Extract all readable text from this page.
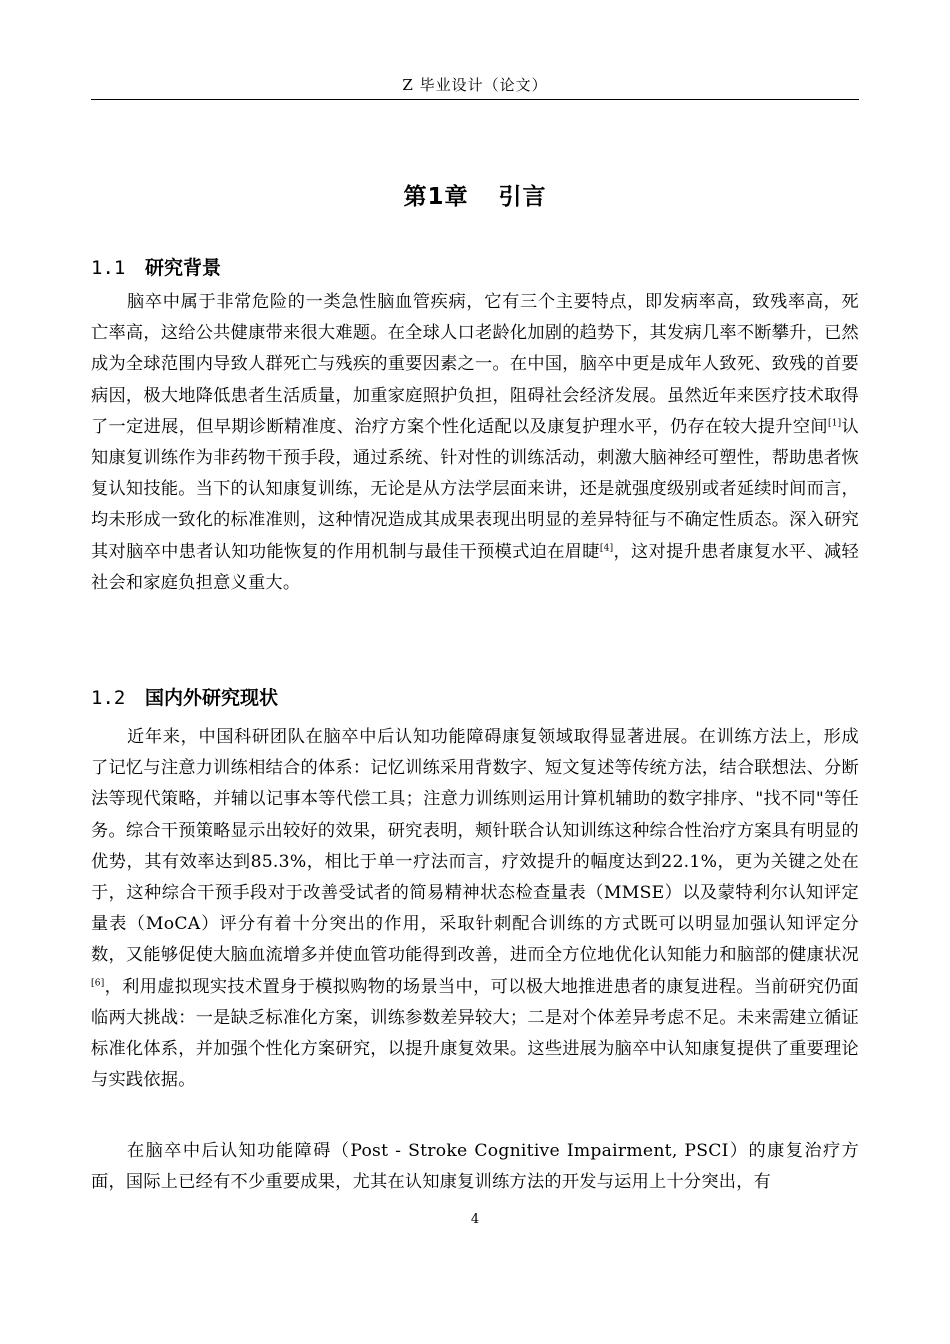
Z 毕业设计（论文）
第1章 引言
1.1 研究背景

脑卒中属于非常危险的一类急性脑血管疾病，它有三个主要特点，即发病率高，致残率高，死亡率高，这给公共健康带来很大难题。在全球人口老龄化加剧的趋势下，其发病几率不断攀升，已然成为全球范围内导致人群死亡与残疾的重要因素之一。在中国，脑卒中更是成年人致死、致残的首要病因，极大地降低患者生活质量，加重家庭照护负担，阻碍社会经济发展。虽然近年来医疗技术取得了一定进展，但早期诊断精准度、治疗方案个性化适配以及康复护理水平，仍存在较大提升空间[1]认知康复训练作为非药物干预手段，通过系统、针对性的训练活动，刺激大脑神经可塑性，帮助患者恢复认知技能。当下的认知康复训练，无论是从方法学层面来讲，还是就强度级别或者延续时间而言，均未形成一致化的标准准则，这种情况造成其成果表现出明显的差异特征与不确定性质态。深入研究其对脑卒中患者认知功能恢复的作用机制与最佳干预模式迫在眉睫[4]，这对提升患者康复水平、减轻社会和家庭负担意义重大。

1.2 国内外研究现状

近年来，中国科研团队在脑卒中后认知功能障碍康复领域取得显著进展。在训练方法上，形成了记忆与注意力训练相结合的体系：记忆训练采用背数字、短文复述等传统方法，结合联想法、分断法等现代策略，并辅以记事本等代偿工具；注意力训练则运用计算机辅助的数字排序、"找不同"等任务。综合干预策略显示出较好的效果，研究表明，颊针联合认知训练这种综合性治疗方案具有明显的优势，其有效率达到85.3%，相比于单一疗法而言，疗效提升的幅度达到22.1%，更为关键之处在于，这种综合干预手段对于改善受试者的简易精神状态检查量表（MMSE）以及蒙特利尔认知评定量表（MoCA）评分有着十分突出的作用，采取针刺配合训练的方式既可以明显加强认知评定分数，又能够促使大脑血流增多并使血管功能得到改善，进而全方位地优化认知能力和脑部的健康状况[6]，利用虚拟现实技术置身于模拟购物的场景当中，可以极大地推进患者的康复进程。当前研究仍面临两大挑战：一是缺乏标准化方案，训练参数差异较大；二是对个体差异考虑不足。未来需建立循证标准化体系，并加强个性化方案研究，以提升康复效果。这些进展为脑卒中认知康复提供了重要理论与实践依据。

在脑卒中后认知功能障碍（Post - Stroke Cognitive Impairment, PSCI）的康复治疗方面，国际上已经有不少重要成果，尤其在认知康复训练方法的开发与运用上十分突出，有

4
